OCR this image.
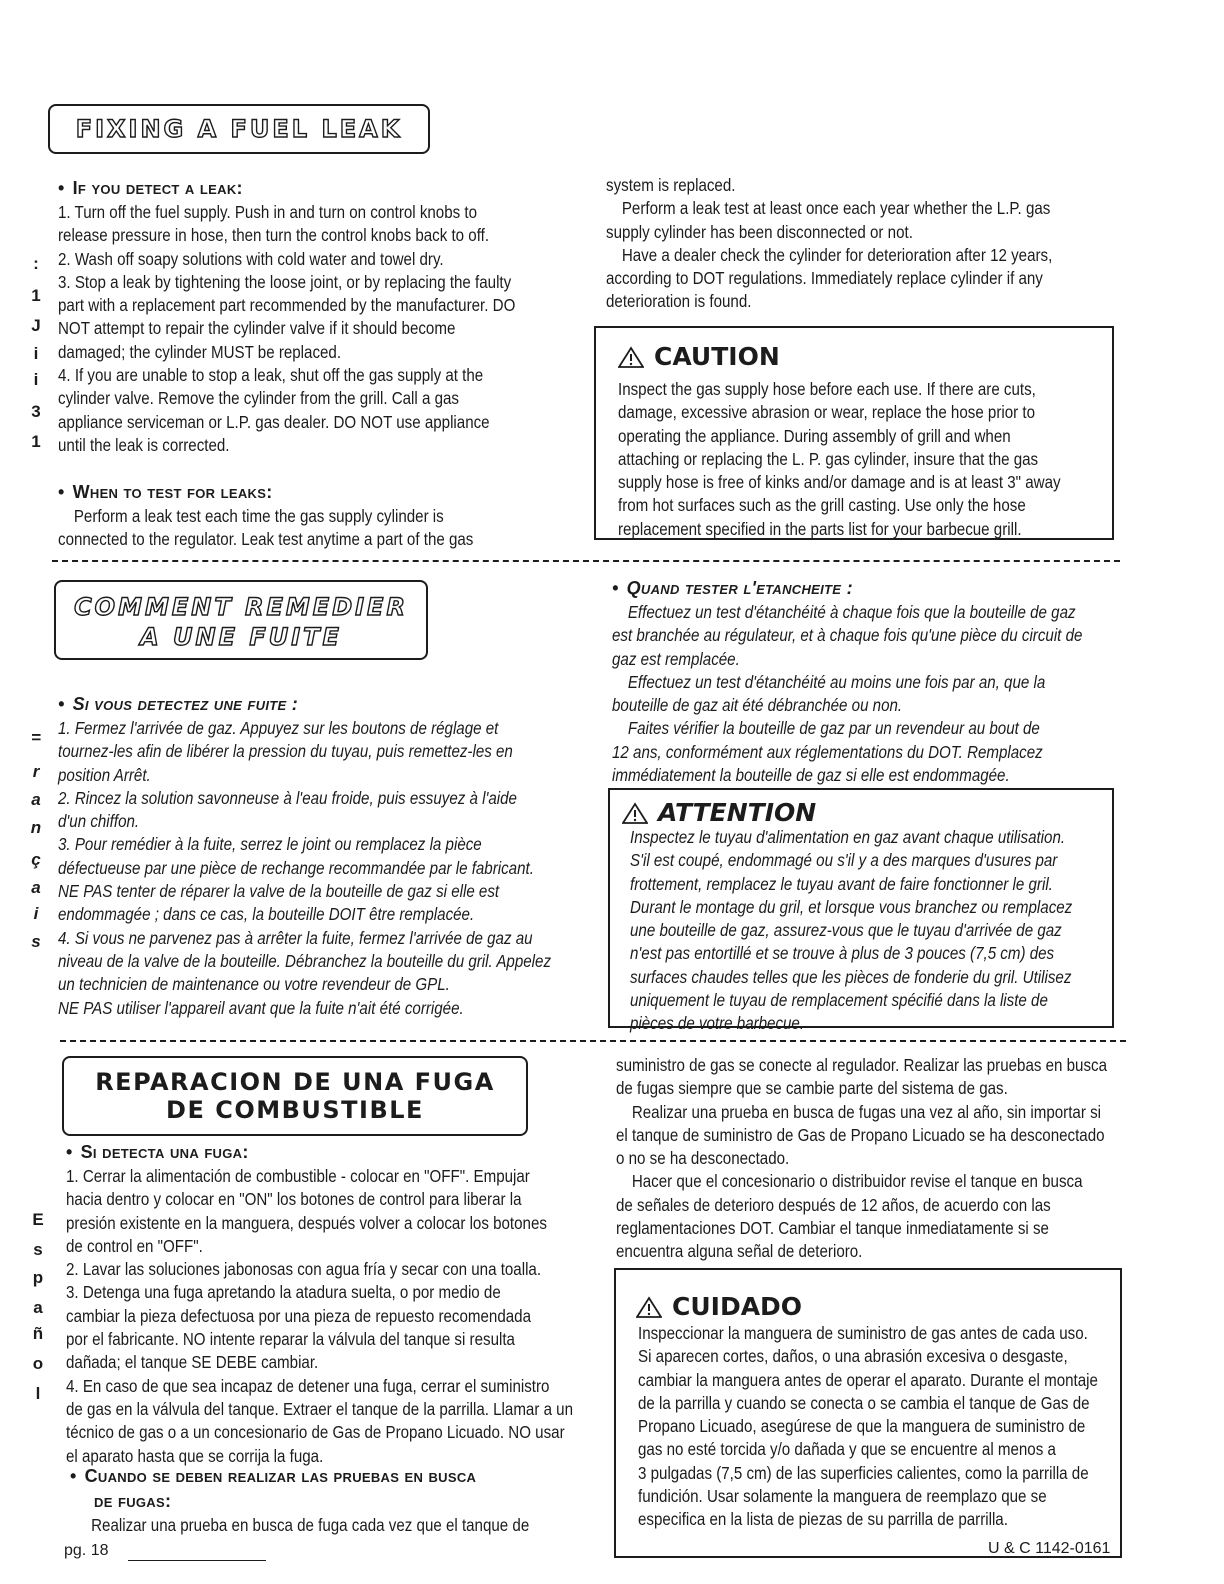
FIXING A FUEL LEAK
• If you detect a leak:

1. Turn off the fuel supply. Push in and turn on control knobs to

release pressure in hose, then turn the control knobs back to off.

2. Wash off soapy solutions with cold water and towel dry.

3. Stop a leak by tightening the loose joint, or by replacing the faulty

part with a replacement part recommended by the manufacturer. DO

NOT attempt to repair the cylinder valve if it should become

damaged; the cylinder MUST be replaced.

4. If you are unable to stop a leak, shut off the gas supply at the

cylinder valve. Remove the cylinder from the grill. Call a gas

appliance serviceman or L.P. gas dealer. DO NOT use appliance

until the leak is corrected.

• When to test for leaks:

Perform a leak test each time the gas supply cylinder is

connected to the regulator. Leak test anytime a part of the gas

system is replaced.

Perform a leak test at least once each year whether the L.P. gas

supply cylinder has been disconnected or not.

Have a dealer check the cylinder for deterioration after 12 years,

according to DOT regulations. Immediately replace cylinder if any

deterioration is found.

CAUTION

Inspect the gas supply hose before each use. If there are cuts,

damage, excessive abrasion or wear, replace the hose prior to

operating the appliance. During assembly of grill and when

attaching or replacing the L. P. gas cylinder, insure that the gas

supply hose is free of kinks and/or damage and is at least 3" away

from hot surfaces such as the grill casting. Use only the hose

replacement specified in the parts list for your barbecue grill.

:
1
J
i
i
3
1
COMMENT REMEDIER
A UNE FUITE
• Si vous detectez une fuite :

1. Fermez l'arrivée de gaz. Appuyez sur les boutons de réglage et

tournez-les afin de libérer la pression du tuyau, puis remettez-les en

position Arrêt.

2. Rincez la solution savonneuse à l'eau froide, puis essuyez à l'aide

d'un chiffon.

3. Pour remédier à la fuite, serrez le joint ou remplacez la pièce

défectueuse par une pièce de rechange recommandée par le fabricant.

NE PAS tenter de réparer la valve de la bouteille de gaz si elle est

endommagée ; dans ce cas, la bouteille DOIT être remplacée.

4. Si vous ne parvenez pas à arrêter la fuite, fermez l'arrivée de gaz au

niveau de la valve de la bouteille. Débranchez la bouteille du gril. Appelez

un technicien de maintenance ou votre revendeur de GPL.

NE PAS utiliser l'appareil avant que la fuite n'ait été corrigée.

• Quand tester l'etancheite :

Effectuez un test d'étanchéité à chaque fois que la bouteille de gaz

est branchée au régulateur, et à chaque fois qu'une pièce du circuit de

gaz est remplacée.

Effectuez un test d'étanchéité au moins une fois par an, que la

bouteille de gaz ait été débranchée ou non.

Faites vérifier la bouteille de gaz par un revendeur au bout de

12 ans, conformément aux réglementations du DOT. Remplacez

immédiatement la bouteille de gaz si elle est endommagée.

ATTENTION

Inspectez le tuyau d'alimentation en gaz avant chaque utilisation.

S'il est coupé, endommagé ou s'il y a des marques d'usures par

frottement, remplacez le tuyau avant de faire fonctionner le gril.

Durant le montage du gril, et lorsque vous branchez ou remplacez

une bouteille de gaz, assurez-vous que le tuyau d'arrivée de gaz

n'est pas entortillé et se trouve à plus de 3 pouces (7,5 cm) des

surfaces chaudes telles que les pièces de fonderie du gril. Utilisez

uniquement le tuyau de remplacement spécifié dans la liste de

pièces de votre barbecue.

=
r
a
n
ç
a
i
s
REPARACION DE UNA FUGA
DE COMBUSTIBLE
• Si detecta una fuga:

1. Cerrar la alimentación de combustible - colocar en "OFF". Empujar

hacia dentro y colocar en "ON" los botones de control para liberar la

presión existente en la manguera, después volver a colocar los botones

de control en "OFF".

2. Lavar las soluciones jabonosas con agua fría y secar con una toalla.

3. Detenga una fuga apretando la atadura suelta, o por medio de

cambiar la pieza defectuosa por una pieza de repuesto recomendada

por el fabricante. NO intente reparar la válvula del tanque si resulta

dañada; el tanque SE DEBE cambiar.

4. En caso de que sea incapaz de detener una fuga, cerrar el suministro

de gas en la válvula del tanque. Extraer el tanque de la parrilla. Llamar a un

técnico de gas o a un concesionario de Gas de Propano Licuado. NO usar

el aparato hasta que se corrija la fuga.

• Cuando se deben realizar las pruebas en busca
de fugas:

Realizar una prueba en busca de fuga cada vez que el tanque de

suministro de gas se conecte al regulador. Realizar las pruebas en busca

de fugas siempre que se cambie parte del sistema de gas.

Realizar una prueba en busca de fugas una vez al año, sin importar si

el tanque de suministro de Gas de Propano Licuado se ha desconectado

o no se ha desconectado.

Hacer que el concesionario o distribuidor revise el tanque en busca

de señales de deterioro después de 12 años, de acuerdo con las

reglamentaciones DOT. Cambiar el tanque inmediatamente si se

encuentra alguna señal de deterioro.

CUIDADO

Inspeccionar la manguera de suministro de gas antes de cada uso.

Si aparecen cortes, daños, o una abrasión excesiva o desgaste,

cambiar la manguera antes de operar el aparato. Durante el montaje

de la parrilla y cuando se conecta o se cambia el tanque de Gas de

Propano Licuado, asegúrese de que la manguera de suministro de

gas no esté torcida y/o dañada y que se encuentre al menos a

3 pulgadas (7,5 cm) de las superficies calientes, como la parrilla de

fundición. Usar solamente la manguera de reemplazo que se

especifica en la lista de piezas de su parrilla de parrilla.

E
s
p
a
ñ
o
l
pg. 18	U & C 1142-0161
